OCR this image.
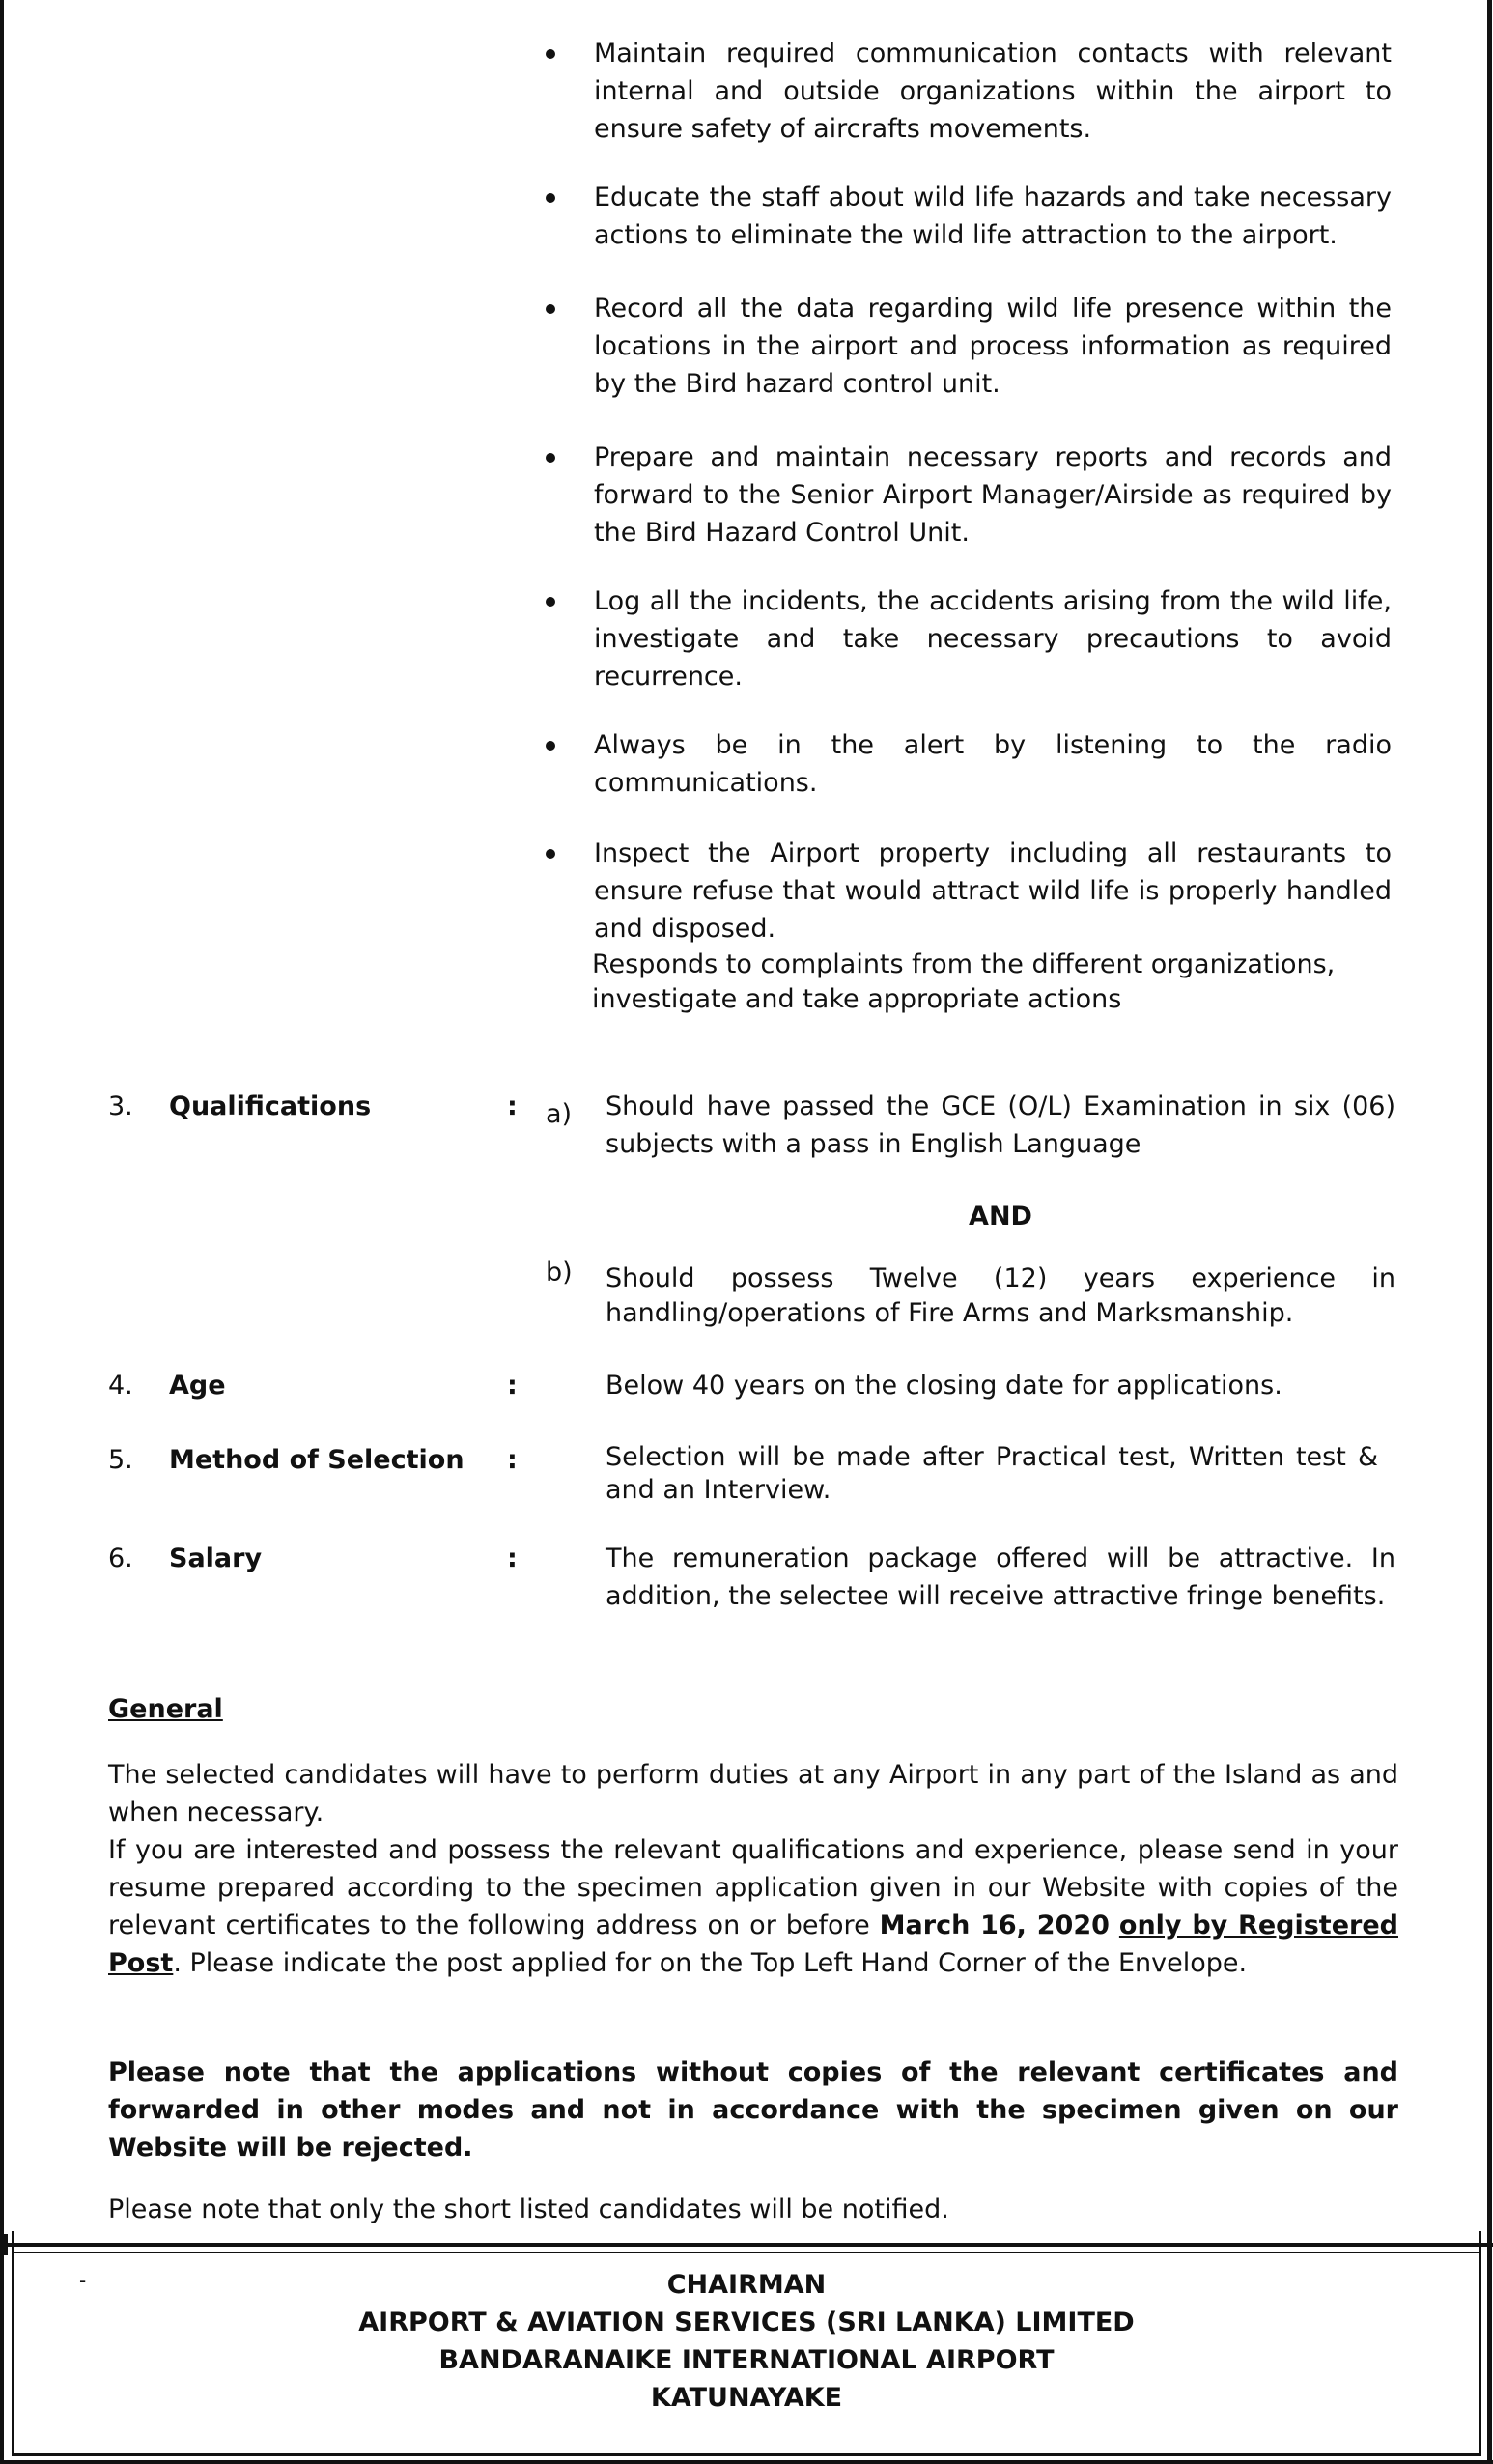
Maintain required communication contacts with relevant internal and outside organizations within the airport to ensure safety of aircrafts movements.

Educate the staff about wild life hazards and take necessary actions to eliminate the wild life attraction to the airport.

Record all the data regarding wild life presence within the locations in the airport and process information as required by the Bird hazard control unit.

Prepare and maintain necessary reports and records and forward to the Senior Airport Manager/Airside as required by the Bird Hazard Control Unit.

Log all the incidents, the accidents arising from the wild life, investigate and take necessary precautions to avoid recurrence.

Always be in the alert by listening to the radio communications.

Inspect the Airport property including all restaurants to ensure refuse that would attract wild life is properly handled and disposed.

Responds to complaints from the different organizations, investigate and take appropriate actions

3. Qualifications	: a) Should have passed the GCE (O/L) Examination in six (06) subjects with a pass in English Language
AND
b) Should possess Twelve (12) years experience in handling/operations of Fire Arms and Marksmanship.
4. Age	:	Below 40 years on the closing date for applications.
5. Method of Selection :	Selection will be made after Practical test, Written test & and an Interview.
6. Salary	:	The remuneration package offered will be attractive. In addition, the selectee will receive attractive fringe benefits.
General

The selected candidates will have to perform duties at any Airport in any part of the Island as and when necessary.

If you are interested and possess the relevant qualifications and experience, please send in your resume prepared according to the specimen application given in our Website with copies of the relevant certificates to the following address on or before March 16, 2020 only by Registered Post. Please indicate the post applied for on the Top Left Hand Corner of the Envelope.

Please note that the applications without copies of the relevant certificates and forwarded in other modes and not in accordance with the specimen given on our Website will be rejected.

Please note that only the short listed candidates will be notified.

-	CHAIRMAN
AIRPORT & AVIATION SERVICES (SRI LANKA) LIMITED
BANDARANAIKE INTERNATIONAL AIRPORT
KATUNAYAKE
